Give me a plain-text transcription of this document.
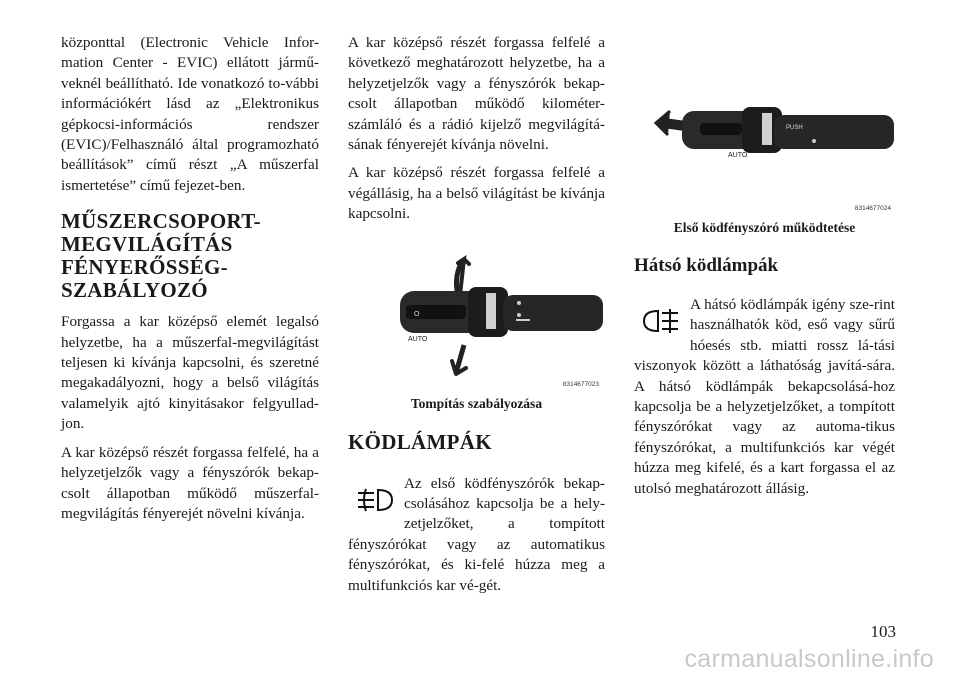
központtal (Electronic Vehicle Infor-mation Center - EVIC) ellátott jármű-veknél beállítható. Ide vonatkozó to-vábbi információkért lásd az „Elektronikus gépkocsi-információs rendszer (EVIC)/Felhasználó által programozható beállítások” című részt „A műszerfal ismertetése” című fejezet-ben.

MŰSZERCSOPORT-MEGVILÁGÍTÁS FÉNYERŐSSÉG-SZABÁLYOZÓ

Forgassa a kar középső elemét legalsó helyzetbe, ha a műszerfal-megvilágítást teljesen ki kívánja kapcsolni, és szeretné megakadályozni, hogy a belső világítás valamelyik ajtó kinyitásakor felgyullad-jon.

A kar középső részét forgassa felfelé, ha a helyzetjelzők vagy a fényszórók bekap-csolt állapotban működő műszerfal-megvilágítás fényerejét növelni kívánja.

A kar középső részét forgassa felfelé a következő meghatározott helyzetbe, ha a helyzetjelzők vagy a fényszórók bekap-csolt állapotban működő kilométer-számláló és a rádió kijelző megvilágítá-sának fényerejét kívánja növelni.

A kar középső részét forgassa felfelé a végállásig, ha a belső világítást be kívánja kapcsolni.

O
AUTO
8314677023
Tompítás szabályozása
KÖDLÁMPÁK

Az első ködfényszórók bekap-csolásához kapcsolja be a hely-zetjelzőket, a tompított fényszórókat vagy az automatikus fényszórókat, és ki-felé húzza meg a multifunkciós kar vé-gét.

AUTO
PUSH
8314677024
Első ködfényszóró működtetése
Hátsó ködlámpák

A hátsó ködlámpák igény sze-rint használhatók köd, eső vagy sűrű hóesés stb. miatti rossz lá-tási viszonyok között a láthatóság javítá-sára. A hátsó ködlámpák bekapcsolásá-hoz kapcsolja be a helyzetjelzőket, a tompított fényszórókat vagy az automa-tikus fényszórókat, a multifunkciós kar végét húzza meg kifelé, és a kart forgassa el az utolsó meghatározott állásig.

103
carmanualsonline.info
